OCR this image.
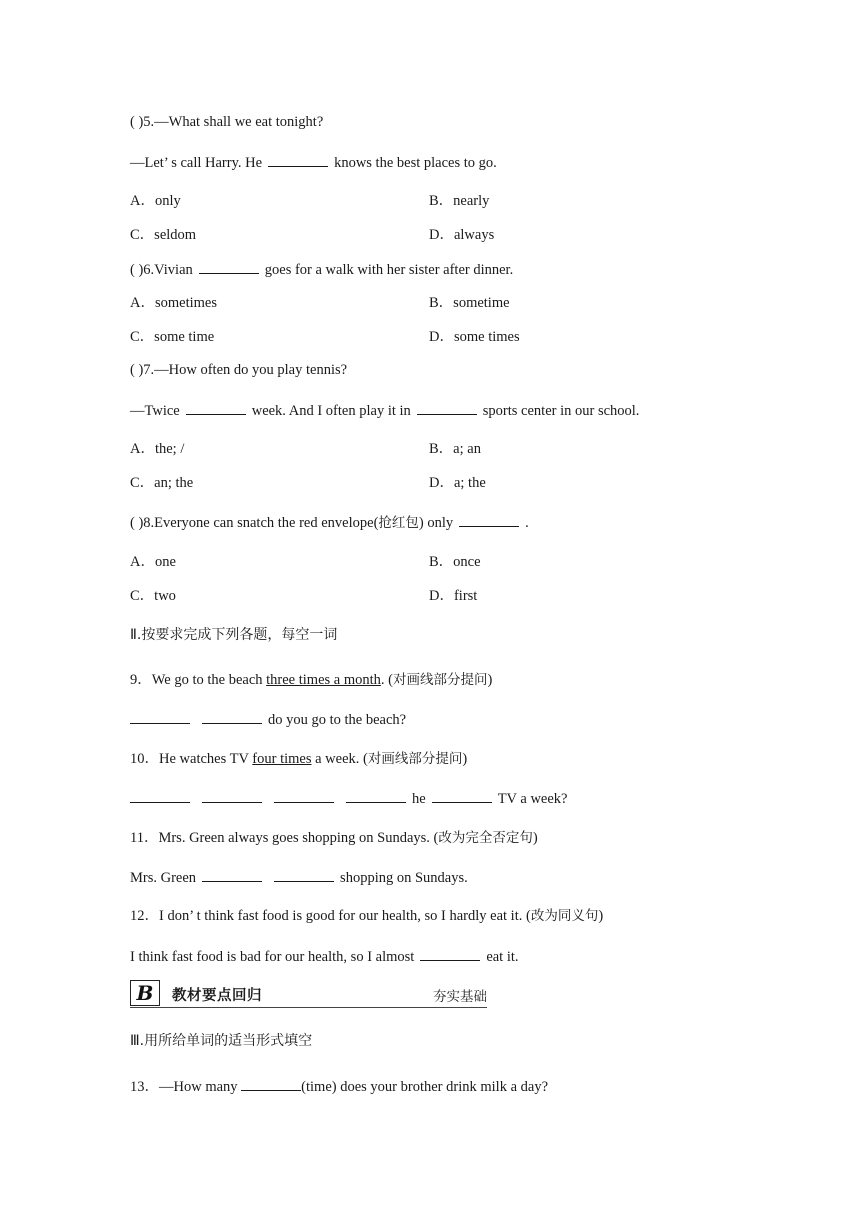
( )5.—What shall we eat tonight?
—Let’ s call Harry. He	knows the best places to go.
A．only	B．nearly
C．seldom	D．always
( )6.Vivian	goes for a walk with her sister after dinner.
A．sometimes	B．sometime
C．some time	D．some times
( )7.—How often do you play tennis?
—Twice	week. And I often play it in	sports center in our school.
A．the; /	B．a; an
C．an; the	D．a; the
( )8.Everyone can snatch the red envelope(抢红包) only	.
A．one	B．once
C．two	D．first
Ⅱ.按要求完成下列各题，每空一词
9．We go to the beach three times a month. (对画线部分提问)
do you go to the beach?
10．He watches TV four times a week. (对画线部分提问)
he	TV a week?
11．Mrs. Green always goes shopping on Sundays. (改为完全否定句)
Mrs. Green	shopping on Sundays.
12．I don’ t think fast food is good for our health, so I hardly eat it. (改为同义句)
I think fast food is bad for our health, so I almost	eat it.
B	教材要点回归	夯实基础
Ⅲ.用所给单词的适当形式填空
13．—How many	(time) does your brother drink milk a day?
